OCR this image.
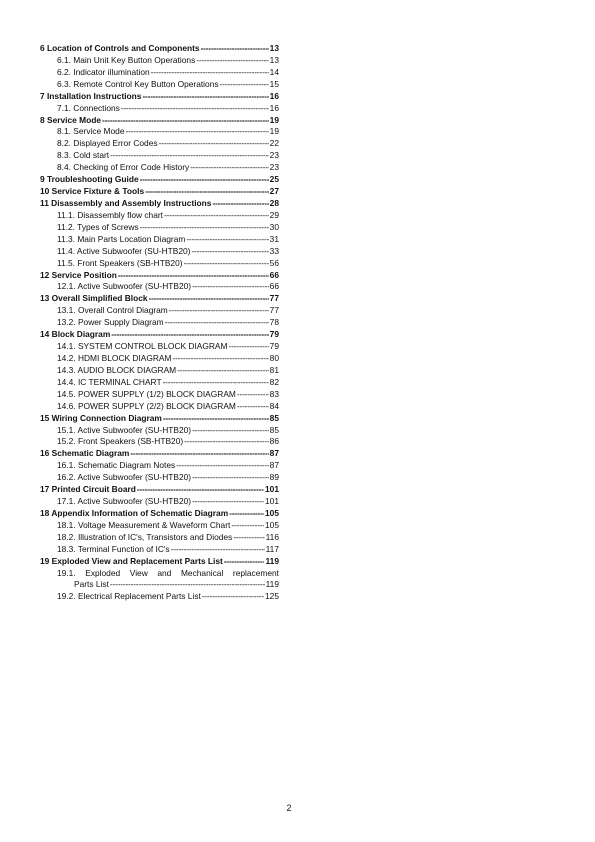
6 Location of Controls and Components -----	13
6.1. Main Unit Key Button Operations -----	13
6.2. Indicator illumination -----	14
6.3. Remote Control Key Button Operations -----	15
7 Installation Instructions -----	16
7.1. Connections -----	16
8 Service Mode -----	19
8.1. Service Mode -----	19
8.2. Displayed Error Codes -----	22
8.3. Cold start -----	23
8.4. Checking of Error Code History -----	23
9 Troubleshooting Guide -----	25
10 Service Fixture & Tools -----	27
11 Disassembly and Assembly Instructions -----	28
11.1. Disassembly flow chart -----	29
11.2. Types of Screws -----	30
11.3. Main Parts Location Diagram -----	31
11.4. Active Subwoofer (SU-HTB20) -----	33
11.5. Front Speakers (SB-HTB20) -----	56
12 Service Position -----	66
12.1. Active Subwoofer (SU-HTB20) -----	66
13 Overall Simplified Block -----	77
13.1. Overall Control Diagram -----	77
13.2. Power Supply Diagram -----	78
14 Block Diagram -----	79
14.1. SYSTEM CONTROL BLOCK DIAGRAM -----	79
14.2. HDMI BLOCK DIAGRAM -----	80
14.3. AUDIO BLOCK DIAGRAM -----	81
14.4. IC TERMINAL CHART -----	82
14.5. POWER SUPPLY (1/2) BLOCK DIAGRAM -----	83
14.6. POWER SUPPLY (2/2) BLOCK DIAGRAM -----	84
15 Wiring Connection Diagram -----	85
15.1. Active Subwoofer (SU-HTB20) -----	85
15.2. Front Speakers (SB-HTB20) -----	86
16 Schematic Diagram -----	87
16.1. Schematic Diagram Notes -----	87
16.2. Active Subwoofer (SU-HTB20) -----	89
17 Printed Circuit Board -----	101
17.1. Active Subwoofer (SU-HTB20) -----	101
18 Appendix Information of Schematic Diagram -----	105
18.1. Voltage Measurement & Waveform Chart -----	105
18.2. Illustration of IC's, Transistors and Diodes -----	116
18.3. Terminal Function of IC's -----	117
19 Exploded View and Replacement Parts List -----	119
19.1. Exploded View and Mechanical replacement
Parts List -----	119
19.2. Electrical Replacement Parts List -----	125
2
